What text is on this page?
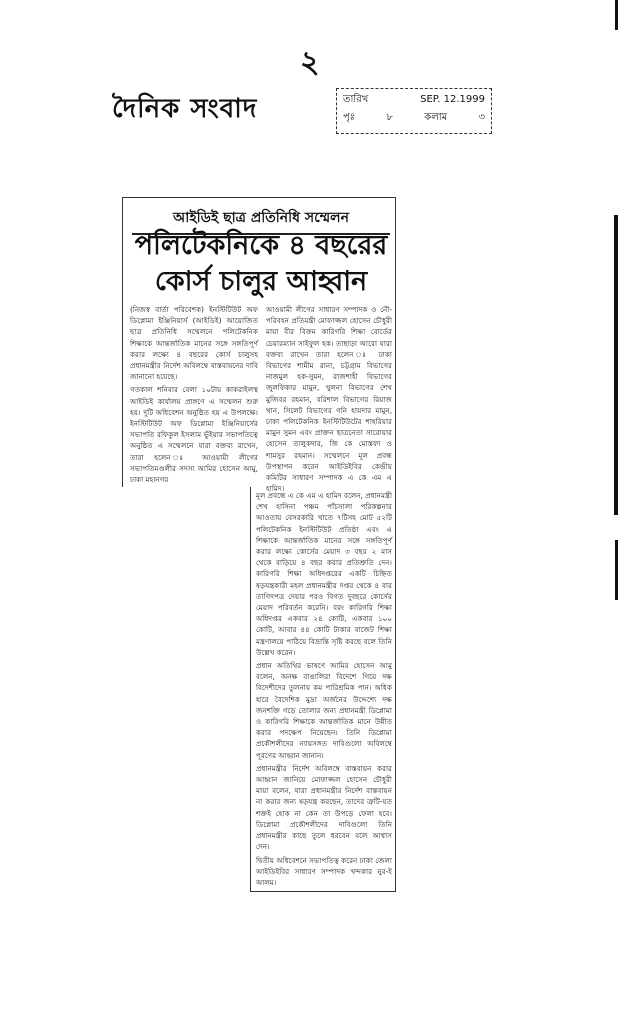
২
দৈনিক সংবাদ	তারিখ	SEP. 12.1999
পৃঃ	৮	কলাম	৩
আইডিই ছাত্র প্রতিনিধি সম্মেলন
পলিটেকনিকে ৪ বছরের
কোর্স চালুর আহ্বান

(নিজস্ব বার্তা পরিবেশক) ইনস্টিটিউট অফ ডিপ্লোমা ইঞ্জিনিয়ার্স (আইডিই) আয়োজিত ছাত্র প্রতিনিধি সম্মেলনে পলিটেকনিক শিক্ষাকে আন্তর্জাতিক মানের সঙ্গে সঙ্গতিপূর্ণ করার লক্ষ্যে ৪ বছরের কোর্স চালুসহ প্রধানমন্ত্রীর নির্দেশ অবিলম্বে বাস্তবায়নের দাবি জানানো হয়েছে।

গতকাল শনিবার বেলা ১০টায় কাকরাইলস্থ আইডিই কার্যালয় প্রাঙ্গণে এ সম্মেলন শুরু হয়। দুটি অধিবেশন অনুষ্ঠিত হয় এ উপলক্ষে। ইনস্টিটিউট অফ ডিপ্লোমা ইঞ্জিনিয়ার্সের সভাপতি রফিকুল ইসলাম ভুঁইয়ার সভাপতিত্বে অনুষ্ঠিত এ সম্মেলনে যারা বক্তব্য রাখেন, তারা হলেন ঃ আওয়ামী লীগের সভাপতিমণ্ডলীর সদস্য আমির হোসেন আমু, ঢাকা মহানগর

আওয়ামী লীগের সাধারণ সম্পাদক ও নৌ-পরিবহন প্রতিমন্ত্রী মোফাজ্জল হোসেন চৌধুরী মায়া বীর বিক্রম কারিগরি শিক্ষা বোর্ডের চেয়ারম্যান সাইফুল হক। তাছাড়া আরো যারা বক্তব্য রাখেন তারা হলেন ঃ ঢাকা বিভাগের শামীম রানা, চট্টগ্রাম বিভাগের নাজমুল হক-সুমন, রাজশাহী বিভাগের জুলফিকার মামুন, খুলনা বিভাগের শেখ মুজিবর রহমান, বরিশাল বিভাগের রিয়াজ খান, সিলেট বিভাগের গনি হায়দার মামুন, ঢাকা পলিটেকনিক ইনস্টিটিউটের শাহরিয়ার মামুন সুমন এবং প্রাক্তন ছাত্রনেতা সারোয়ার হোসেন তালুকদার, জি কে মোস্তফা ও শামসুর রহমান। সম্মেলনে মূল প্রবন্ধ উপস্থাপন করেন আইডিইবির কেন্দ্রীয় কমিটির সাধারণ সম্পাদক এ কে এম এ হামিদ।

মূল প্রবন্ধে এ কে এম এ হামিদ বলেন, প্রধানমন্ত্রী শেখ হাসিনা পঞ্চম পাঁচসালা পরিকল্পনার আওতায় বেসরকারি খাতে ৭টিসহ মোট ৫২টি পলিটেকনিক ইনস্টিটিউট প্রতিষ্ঠা এবং এ শিক্ষাকে আন্তর্জাতিক মানের সঙ্গে সঙ্গতিপূর্ণ করার লক্ষ্যে কোর্সের মেয়াদ ৩ বছর ২ মাস থেকে বাড়িয়ে ৪ বছর করার প্রতিশ্রুতি দেন। কারিগরি শিক্ষা অধিদপ্তরের একটি চিহ্নিত ষড়যন্ত্রকারী মহল প্রধানমন্ত্রীর দপ্তর থেকে ৪ বার তাগিদপত্র দেয়ার পরও বিগত দুবছরে কোর্সের মেয়াদ পরিবর্তন করেনি। বরং কারিগরি শিক্ষা অধিদপ্তর একবার ২৪ কোটি, একবার ১০০ কোটি, আবার ৪৪ কোটি টাকার বাজেট শিক্ষা মন্ত্রণালয়ে পাঠিয়ে বিভ্রান্তি সৃষ্টি করছে বলে তিনি উল্লেখ করেন।

প্রধান অতিথির ভাষণে আমির হোসেন আমু বলেন, অনক্ষ বাঙালিরা বিদেশে গিয়ে দক্ষ বিদেশীদের তুলনায় কম পারিশ্রমিক পান। অধিক হারে বৈদেশিক মুদ্রা অর্জনের উদ্দেশ্যে দক্ষ জনশক্তি গড়ে তোলার জন্য প্রধানমন্ত্রী ডিপ্লোমা ও কারিগরি শিক্ষাকে আন্তর্জাতিক মানে উন্নীত করার পদক্ষেপ নিয়েছেন। তিনি ডিপ্লোমা প্রকৌশলীদের ন্যায়সঙ্গত দাবিগুলো অবিলম্বে পূরণের আহ্বান জানান।

প্রধানমন্ত্রীর নির্দেশ অবিলম্বে বাস্তবায়ন করার আহ্বান জানিয়ে মোফাজ্জল হোসেন চৌধুরী মায়া বলেন, যারা প্রধানমন্ত্রীর নির্দেশ বাস্তবায়ন না করার জন্য ষড়যন্ত্র করছেন, তাদের ত্রুটি-যত শক্তই হোক না কেন তা উপড়ে ফেলা হবে। ডিপ্লোমা প্রকৌশলীদের দাবিগুলো তিনি প্রধানমন্ত্রীর কাছে তুলে ধরবেন বলে আশ্বাস দেন।

দ্বিতীয় অধিবেশনে সভাপতিত্ব করেন ঢাকা জেলা আইডিইবির সাধারণ সম্পাদক খন্দকার নুর-ই আলম।
